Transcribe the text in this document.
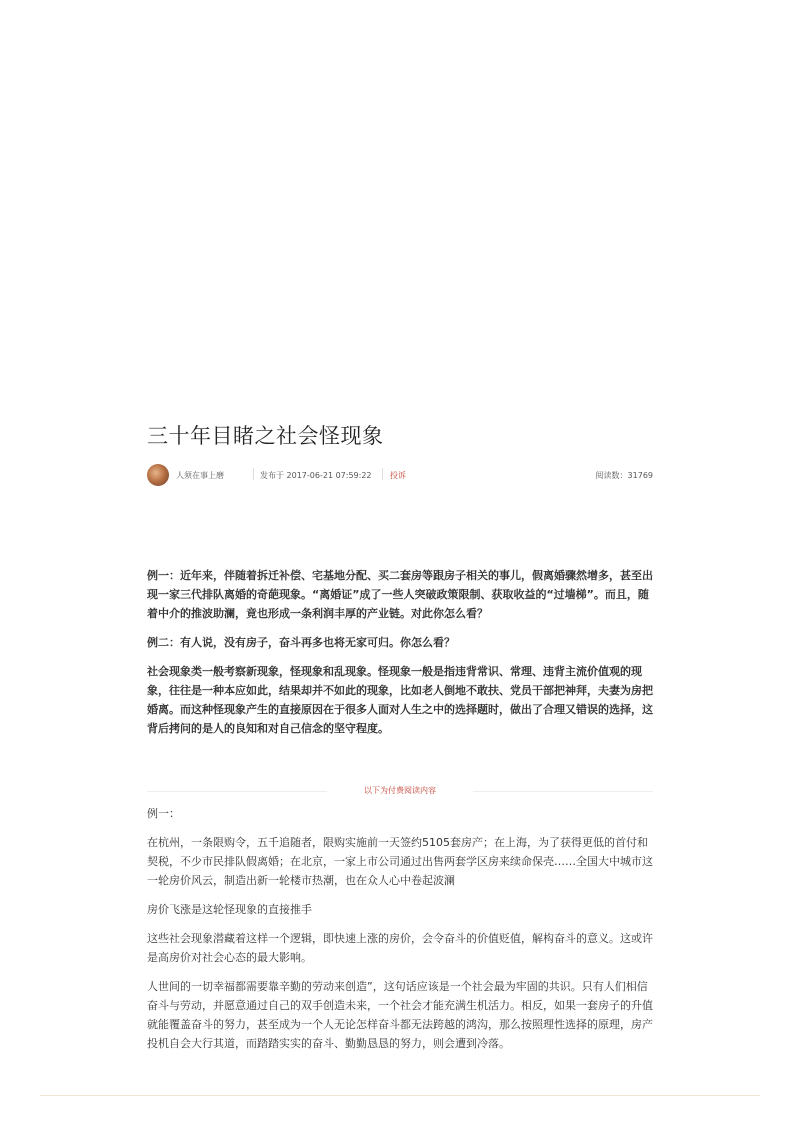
三十年目睹之社会怪现象
人须在事上磨	发布于 2017-06-21 07:59:22 投诉	阅读数：31769

例一：近年来，伴随着拆迁补偿、宅基地分配、买二套房等跟房子相关的事儿，假离婚骤然增多，甚至出现一家三代排队离婚的奇葩现象。“离婚证”成了一些人突破政策限制、获取收益的“过墙梯”。而且，随着中介的推波助澜，竟也形成一条利润丰厚的产业链。对此你怎么看？

例二：有人说，没有房子，奋斗再多也将无家可归。你怎么看？

社会现象类一般考察新现象，怪现象和乱现象。怪现象一般是指违背常识、常理、违背主流价值观的现象，往往是一种本应如此，结果却并不如此的现象，比如老人倒地不敢扶、党员干部把神拜，夫妻为房把婚离。而这种怪现象产生的直接原因在于很多人面对人生之中的选择题时，做出了合理又错误的选择，这背后拷问的是人的良知和对自己信念的坚守程度。

以下为付费阅读内容

例一：

在杭州，一条限购令，五千追随者，限购实施前一天签约5105套房产；在上海，为了获得更低的首付和契税，不少市民排队假离婚；在北京，一家上市公司通过出售两套学区房来续命保壳……全国大中城市这一轮房价风云，制造出新一轮楼市热潮，也在众人心中卷起波澜

房价飞涨是这轮怪现象的直接推手

这些社会现象潜藏着这样一个逻辑，即快速上涨的房价，会令奋斗的价值贬值，解构奋斗的意义。这或许是高房价对社会心态的最大影响。

人世间的一切幸福都需要靠辛勤的劳动来创造”，这句话应该是一个社会最为牢固的共识。只有人们相信奋斗与劳动，并愿意通过自己的双手创造未来，一个社会才能充满生机活力。相反，如果一套房子的升值就能覆盖奋斗的努力，甚至成为一个人无论怎样奋斗都无法跨越的鸿沟，那么按照理性选择的原理，房产投机自会大行其道，而踏踏实实的奋斗、勤勤恳恳的努力，则会遭到冷落。
